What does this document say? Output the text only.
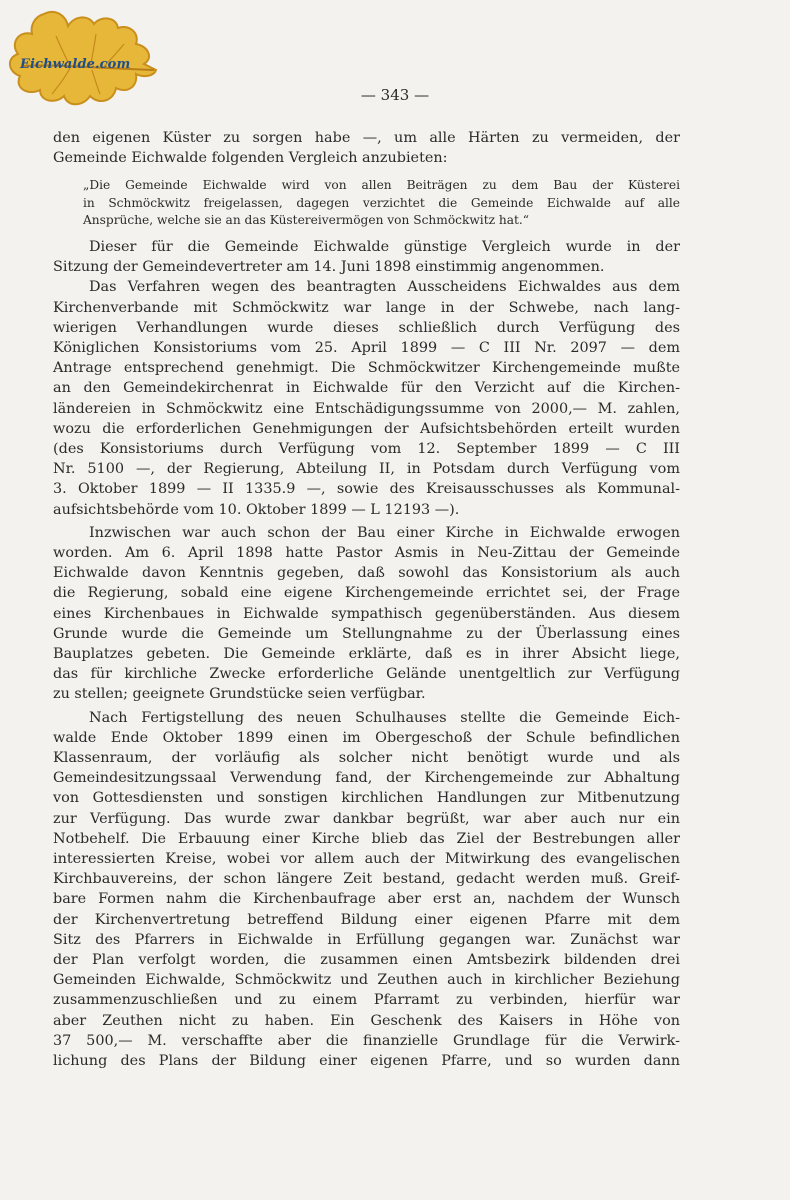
Eichwalde.com
— 343 —

den eigenen Küster zu sorgen habe —, um alle Härten zu vermeiden, der

Gemeinde Eichwalde folgenden Vergleich anzubieten:

„Die Gemeinde Eichwalde wird von allen Beiträgen zu dem Bau der Küsterei

in Schmöckwitz freigelassen, dagegen verzichtet die Gemeinde Eichwalde auf alle

Ansprüche, welche sie an das Küstereivermögen von Schmöckwitz hat.“

Dieser für die Gemeinde Eichwalde günstige Vergleich wurde in der

Sitzung der Gemeindevertreter am 14. Juni 1898 einstimmig angenommen.

Das Verfahren wegen des beantragten Ausscheidens Eichwaldes aus dem

Kirchenverbande mit Schmöckwitz war lange in der Schwebe, nach lang-

wierigen Verhandlungen wurde dieses schließlich durch Verfügung des

Königlichen Konsistoriums vom 25. April 1899 — C III Nr. 2097 — dem

Antrage entsprechend genehmigt. Die Schmöckwitzer Kirchengemeinde mußte

an den Gemeindekirchenrat in Eichwalde für den Verzicht auf die Kirchen-

ländereien in Schmöckwitz eine Entschädigungssumme von 2000,— M. zahlen,

wozu die erforderlichen Genehmigungen der Aufsichtsbehörden erteilt wurden

(des Konsistoriums durch Verfügung vom 12. September 1899 — C III

Nr. 5100 —, der Regierung, Abteilung II, in Potsdam durch Verfügung vom

3. Oktober 1899 — II 1335.9 —, sowie des Kreisausschusses als Kommunal-

aufsichtsbehörde vom 10. Oktober 1899 — L 12193 —).

Inzwischen war auch schon der Bau einer Kirche in Eichwalde erwogen

worden. Am 6. April 1898 hatte Pastor Asmis in Neu-Zittau der Gemeinde

Eichwalde davon Kenntnis gegeben, daß sowohl das Konsistorium als auch

die Regierung, sobald eine eigene Kirchengemeinde errichtet sei, der Frage

eines Kirchenbaues in Eichwalde sympathisch gegenüberständen. Aus diesem

Grunde wurde die Gemeinde um Stellungnahme zu der Überlassung eines

Bauplatzes gebeten. Die Gemeinde erklärte, daß es in ihrer Absicht liege,

das für kirchliche Zwecke erforderliche Gelände unentgeltlich zur Verfügung

zu stellen; geeignete Grundstücke seien verfügbar.

Nach Fertigstellung des neuen Schulhauses stellte die Gemeinde Eich-

walde Ende Oktober 1899 einen im Obergeschoß der Schule befindlichen

Klassenraum, der vorläufig als solcher nicht benötigt wurde und als

Gemeindesitzungssaal Verwendung fand, der Kirchengemeinde zur Abhaltung

von Gottesdiensten und sonstigen kirchlichen Handlungen zur Mitbenutzung

zur Verfügung. Das wurde zwar dankbar begrüßt, war aber auch nur ein

Notbehelf. Die Erbauung einer Kirche blieb das Ziel der Bestrebungen aller

interessierten Kreise, wobei vor allem auch der Mitwirkung des evangelischen

Kirchbauvereins, der schon längere Zeit bestand, gedacht werden muß. Greif-

bare Formen nahm die Kirchenbaufrage aber erst an, nachdem der Wunsch

der Kirchenvertretung betreffend Bildung einer eigenen Pfarre mit dem

Sitz des Pfarrers in Eichwalde in Erfüllung gegangen war. Zunächst war

der Plan verfolgt worden, die zusammen einen Amtsbezirk bildenden drei

Gemeinden Eichwalde, Schmöckwitz und Zeuthen auch in kirchlicher Beziehung

zusammenzuschließen und zu einem Pfarramt zu verbinden, hierfür war

aber Zeuthen nicht zu haben. Ein Geschenk des Kaisers in Höhe von

37 500,— M. verschaffte aber die finanzielle Grundlage für die Verwirk-

lichung des Plans der Bildung einer eigenen Pfarre, und so wurden dann
